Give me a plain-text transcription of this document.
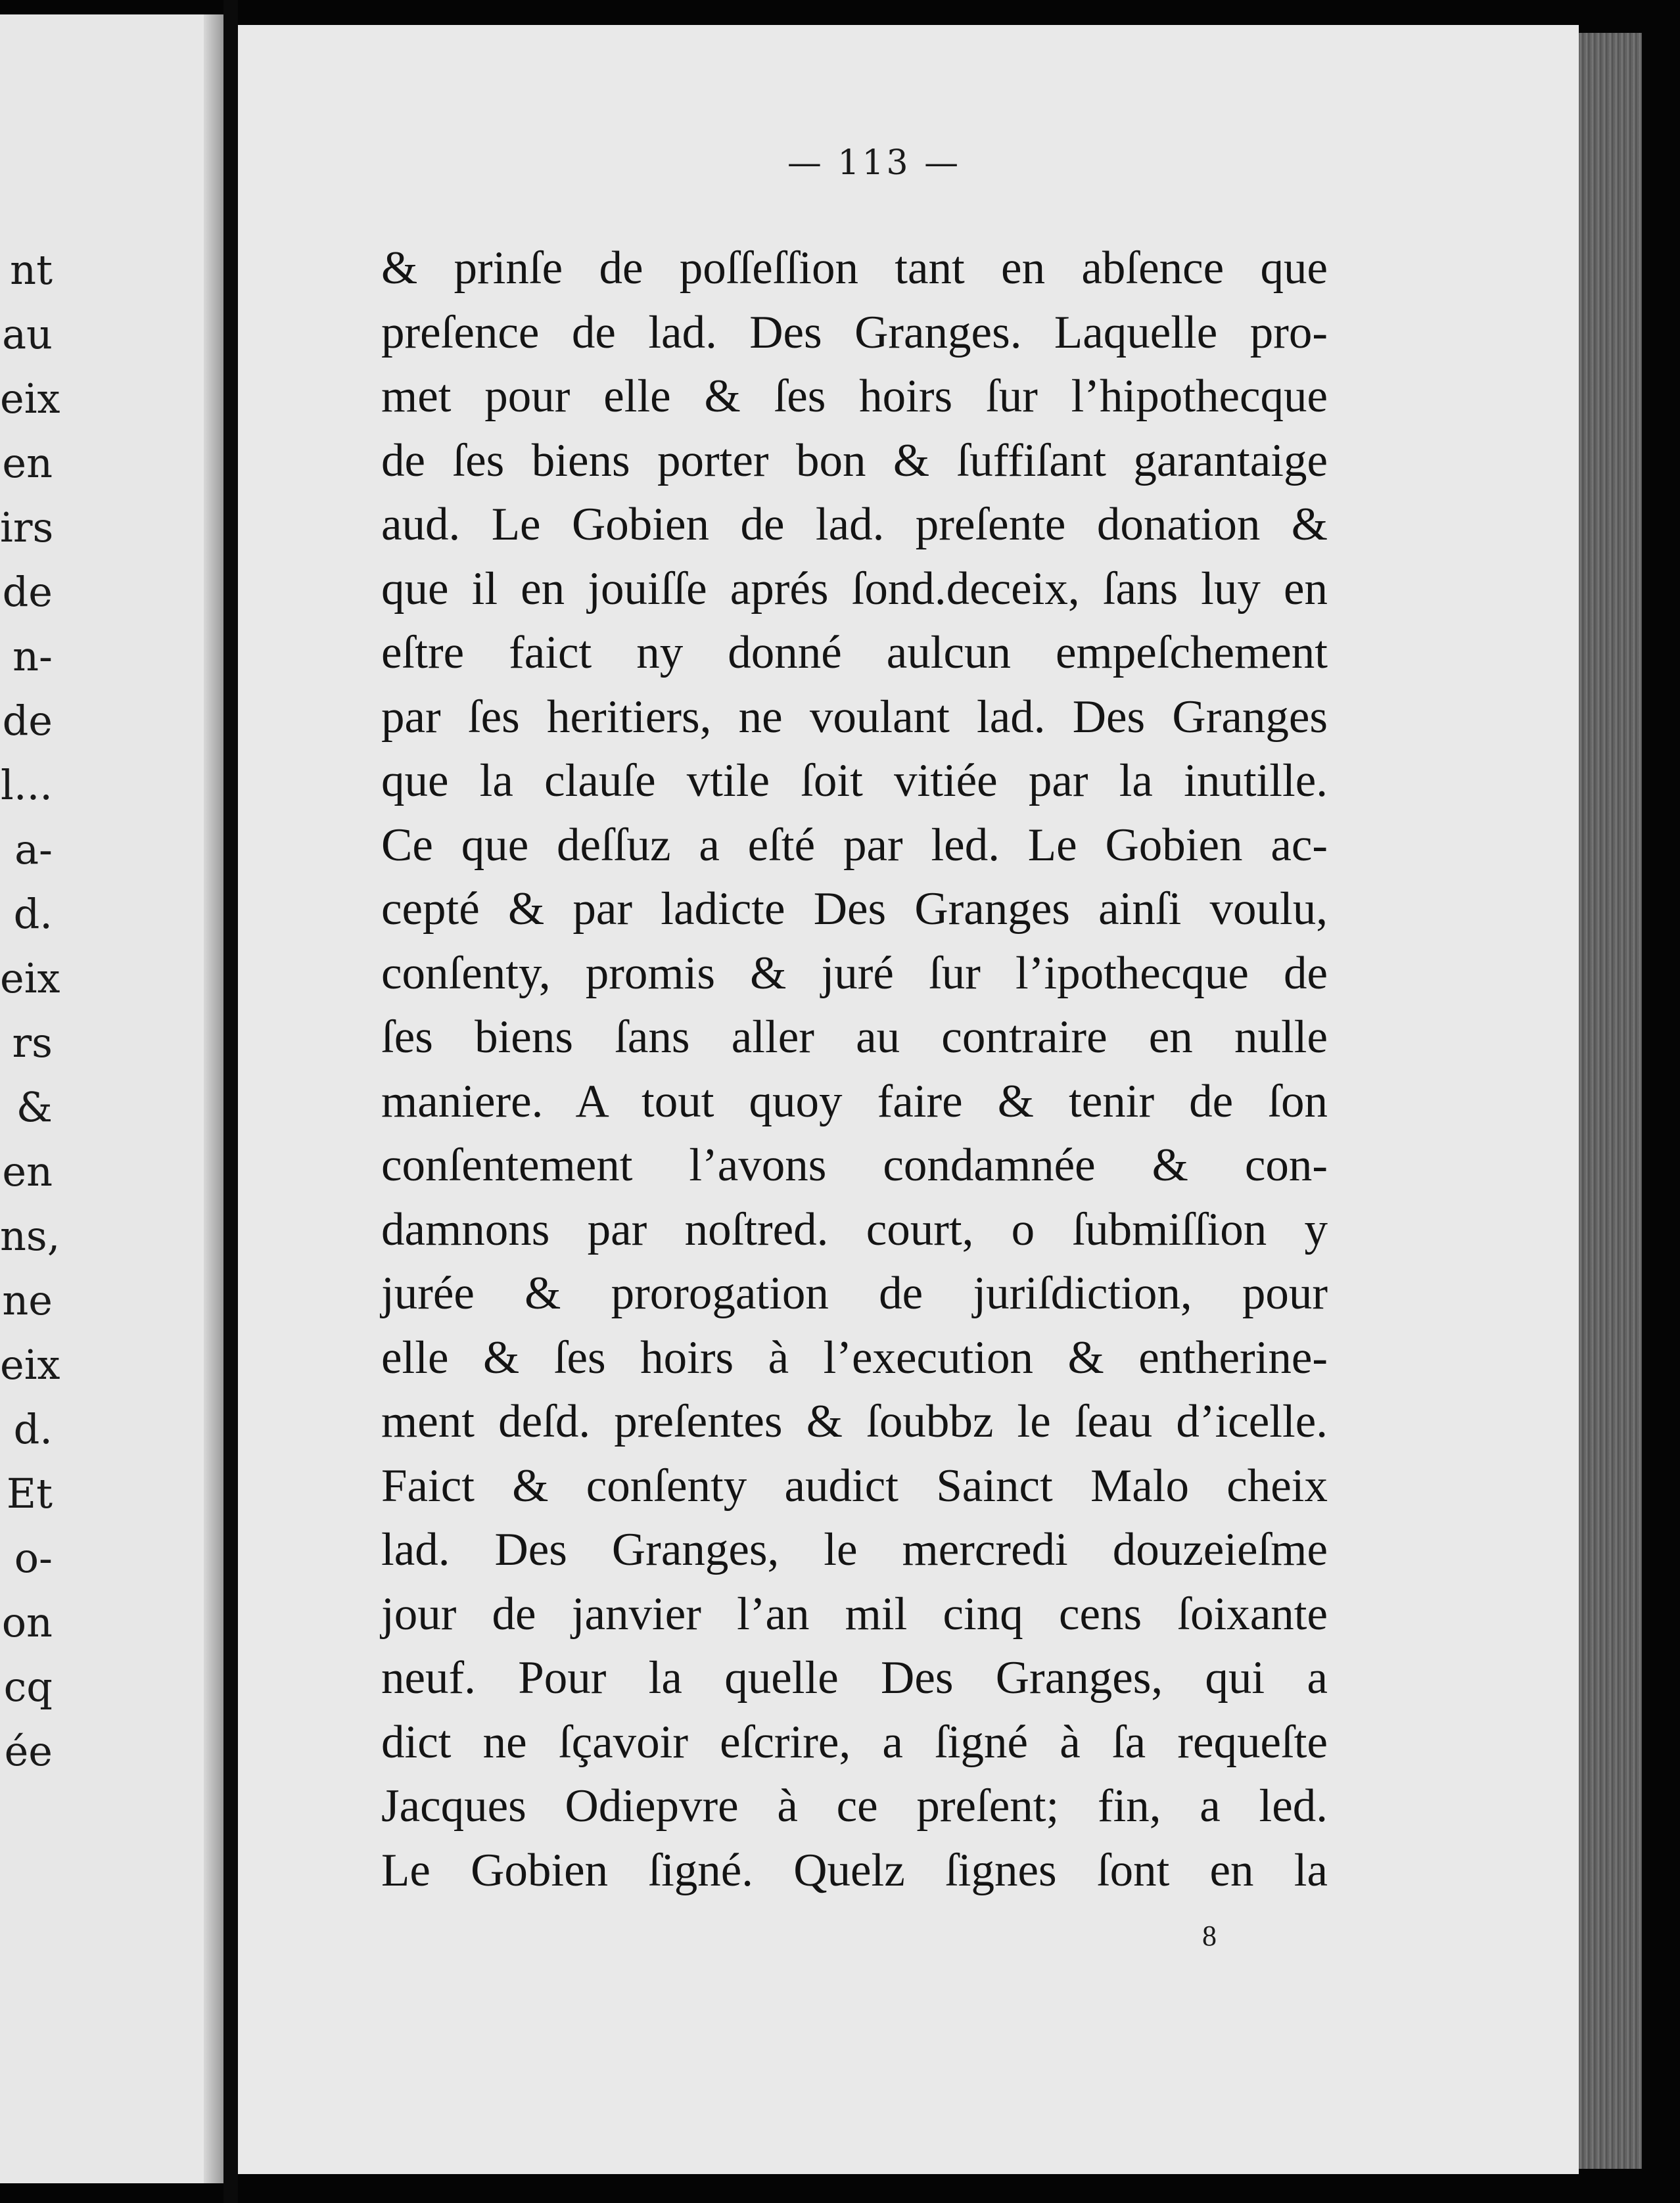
nt
au
eix
en
irs
de
n-
de
l...
a-
d.
eix
rs
&
en
ns,
ne
eix
d.
Et
o-
on
cq
ée
— 113 —
& prinſe de poſſeſſion tant en abſence que
preſence de lad. Des Granges. Laquelle pro-
met pour elle & ſes hoirs ſur l’hipothecque
de ſes biens porter bon & ſuffiſant garantaige
aud. Le Gobien de lad. preſente donation &
que il en jouiſſe aprés ſond.deceix, ſans luy en
eſtre faict ny donné aulcun empeſchement
par ſes heritiers, ne voulant lad. Des Granges
que la clauſe vtile ſoit vitiée par la inutille.
Ce que deſſuz a eſté par led. Le Gobien ac-
cepté & par ladicte Des Granges ainſi voulu,
conſenty, promis & juré ſur l’ipothecque de
ſes biens ſans aller au contraire en nulle
maniere. A tout quoy faire & tenir de ſon
conſentement l’avons condamnée & con-
damnons par noſtred. court, o ſubmiſſion y
jurée & prorogation de juriſdiction, pour
elle & ſes hoirs à l’execution & entherine-
ment deſd. preſentes & ſoubbz le ſeau d’icelle.
Faict & conſenty audict Sainct Malo cheix
lad. Des Granges, le mercredi douzeieſme
jour de janvier l’an mil cinq cens ſoixante
neuf. Pour la quelle Des Granges, qui a
dict ne ſçavoir eſcrire, a ſigné à ſa requeſte
Jacques Odiepvre à ce preſent; fin, a led.
Le Gobien ſigné. Quelz ſignes ſont en la
8
